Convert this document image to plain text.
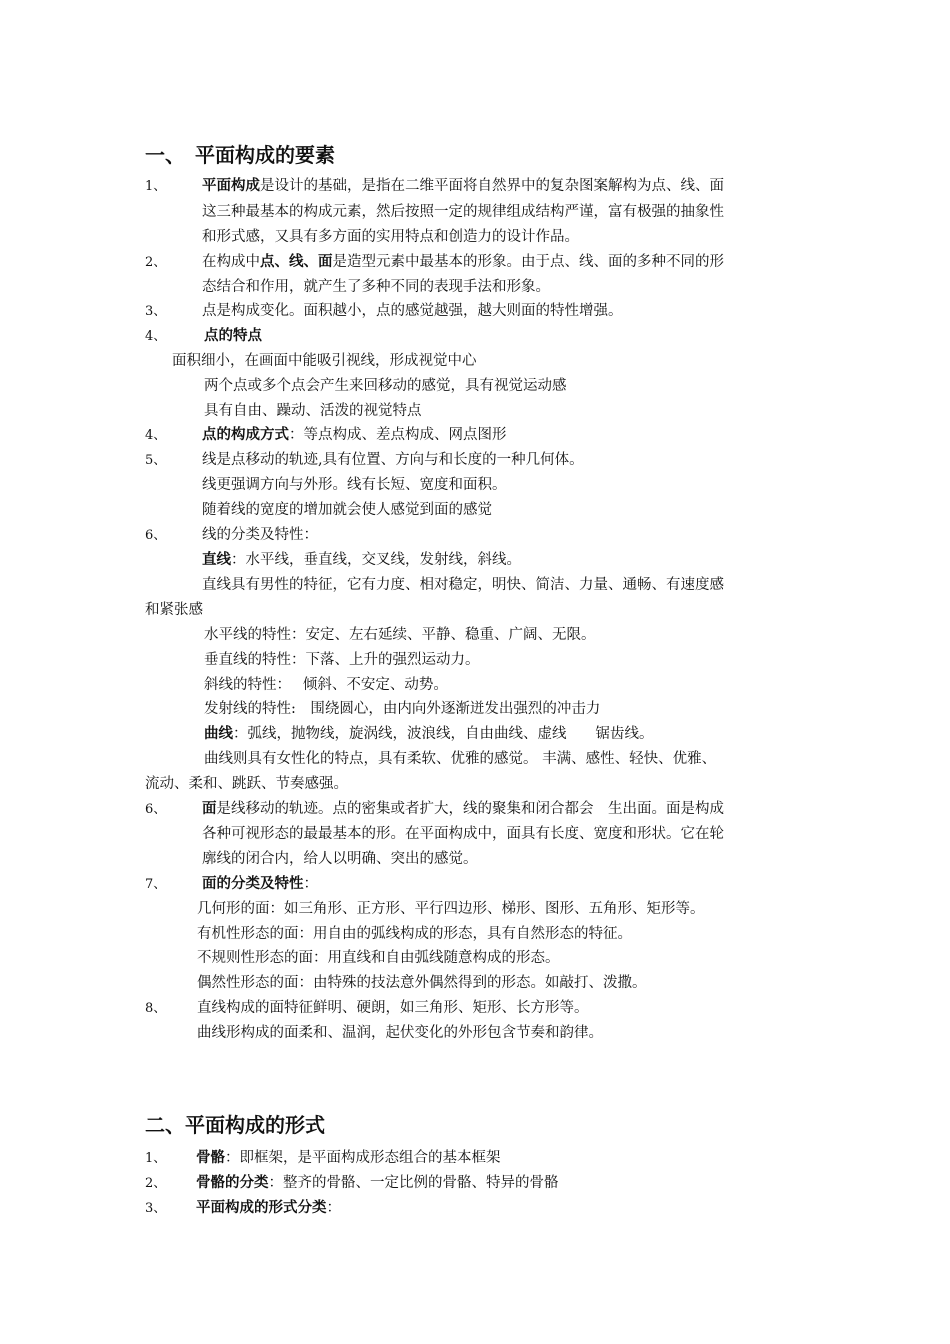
一、　平面构成的要素
1、 平面构成是设计的基础，是指在二维平面将自然界中的复杂图案解构为点、线、面
这三种最基本的构成元素，然后按照一定的规律组成结构严谨，富有极强的抽象性
和形式感，又具有多方面的实用特点和创造力的设计作品。
2、 在构成中点、线、面是造型元素中最基本的形象。由于点、线、面的多种不同的形
态结合和作用，就产生了多种不同的表现手法和形象。
3、 点是构成变化。面积越小，点的感觉越强，越大则面的特性增强。
4、	点的特点
面积细小，在画面中能吸引视线，形成视觉中心
两个点或多个点会产生来回移动的感觉，具有视觉运动感
具有自由、躁动、活泼的视觉特点
4、 点的构成方式：等点构成、差点构成、网点图形
5、 线是点移动的轨迹,具有位置、方向与和长度的一种几何体。
线更强调方向与外形。线有长短、宽度和面积。
随着线的宽度的增加就会使人感觉到面的感觉
6、 线的分类及特性：
直线：水平线，垂直线，交叉线，发射线，斜线。
直线具有男性的特征，它有力度、相对稳定，明快、简洁、力量、通畅、有速度感
和紧张感
水平线的特性：安定、左右延续、平静、稳重、广阔、无限。
垂直线的特性：下落、上升的强烈运动力。
斜线的特性：　 倾斜、不安定、动势。
发射线的特性:　围绕圆心，由内向外逐渐迸发出强烈的冲击力
曲线：弧线，抛物线，旋涡线，波浪线，自由曲线、虚线　　锯齿线。
曲线则具有女性化的特点，具有柔软、优雅的感觉。 丰满、感性、轻快、优雅、
流动、柔和、跳跃、节奏感强。
6、 面是线移动的轨迹。点的密集或者扩大，线的聚集和闭合都会　生出面。面是构成
各种可视形态的最最基本的形。在平面构成中，面具有长度、宽度和形状。它在轮
廓线的闭合内，给人以明确、突出的感觉。
7、 面的分类及特性：
几何形的面：如三角形、正方形、平行四边形、梯形、图形、五角形、矩形等。
有机性形态的面：用自由的弧线构成的形态，具有自然形态的特征。
不规则性形态的面：用直线和自由弧线随意构成的形态。
偶然性形态的面：由特殊的技法意外偶然得到的形态。如敲打、泼撒。
8、 直线构成的面特征鲜明、硬朗，如三角形、矩形、长方形等。
曲线形构成的面柔和、温润，起伏变化的外形包含节奏和韵律。
二、平面构成的形式
1、 骨骼：即框架，是平面构成形态组合的基本框架
2、 骨骼的分类：整齐的骨骼、一定比例的骨骼、特异的骨骼
3、 平面构成的形式分类：
